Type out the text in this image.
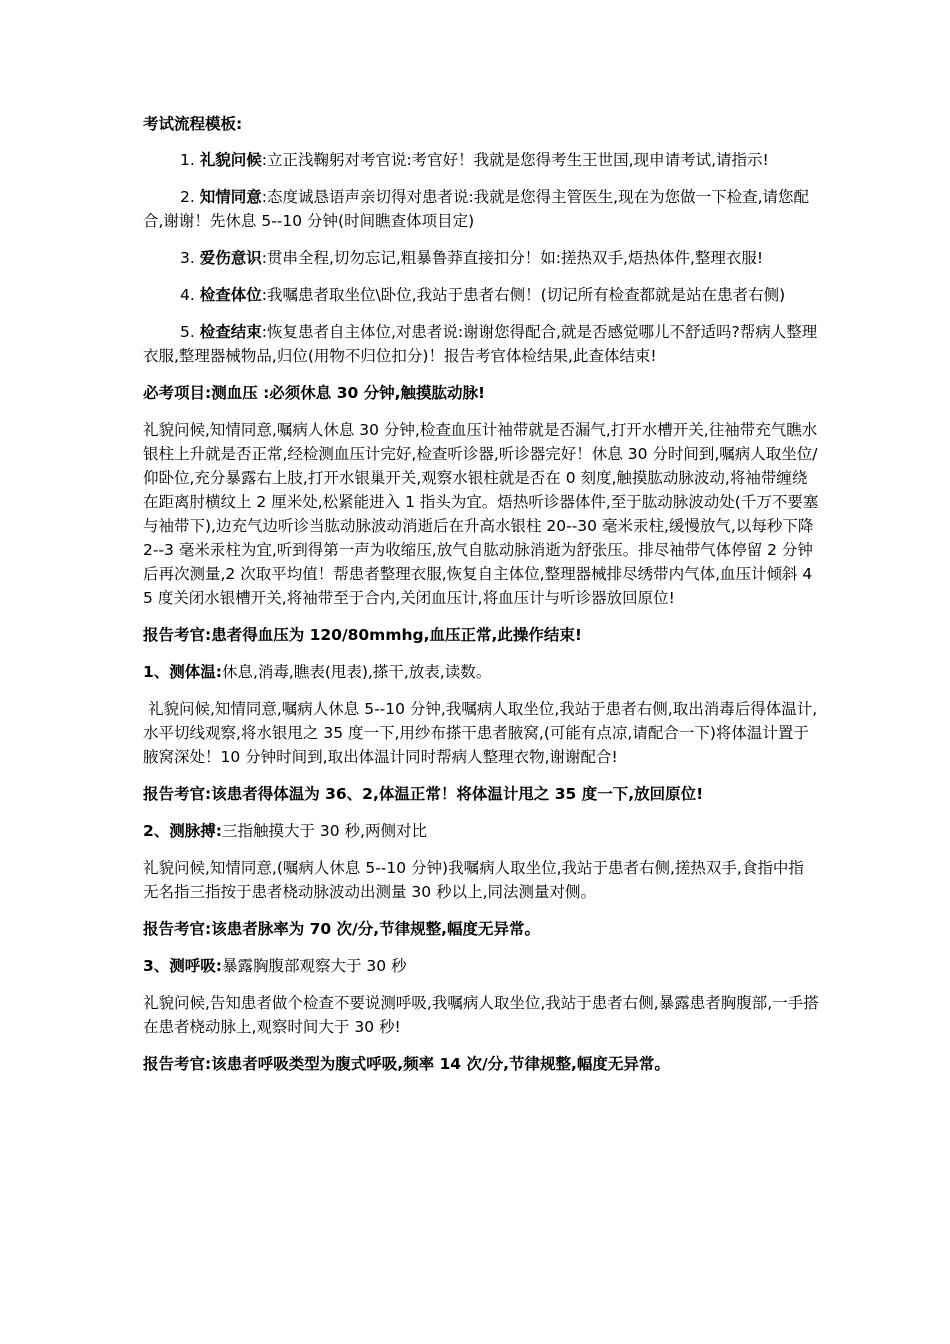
考试流程模板:

1. 礼貌问候:立正浅鞠躬对考官说:考官好！我就是您得考生王世国,现申请考试,请指示!

2. 知情同意:态度诚恳语声亲切得对患者说:我就是您得主管医生,现在为您做一下检查,请您配合,谢谢！先休息 5--10 分钟(时间瞧查体项目定)

3. 爱伤意识:贯串全程,切勿忘记,粗暴鲁莽直接扣分！如:搓热双手,焐热体件,整理衣服!

4. 检查体位:我嘱患者取坐位\卧位,我站于患者右侧！(切记所有检查都就是站在患者右侧)

5. 检查结束:恢复患者自主体位,对患者说:谢谢您得配合,就是否感觉哪儿不舒适吗?帮病人整理衣服,整理器械物品,归位(用物不归位扣分)！报告考官体检结果,此查体结束!

必考项目:测血压 :必须休息 30 分钟,触摸肱动脉!

礼貌问候,知情同意,嘱病人休息 30 分钟,检查血压计袖带就是否漏气,打开水槽开关,往袖带充气瞧水银柱上升就是否正常,经检测血压计完好,检查听诊器,听诊器完好！休息 30 分时间到,嘱病人取坐位/仰卧位,充分暴露右上肢,打开水银巢开关,观察水银柱就是否在 0 刻度,触摸肱动脉波动,将袖带缠绕在距离肘横纹上 2 厘米处,松紧能进入 1 指头为宜。焐热听诊器体件,至于肱动脉波动处(千万不要塞与袖带下),边充气边听诊当肱动脉波动消逝后在升高水银柱 20--30 毫米汞柱,缓慢放气,以每秒下降 2--3 毫米汞柱为宜,听到得第一声为收缩压,放气自肱动脉消逝为舒张压。排尽袖带气体停留 2 分钟后再次测量,2 次取平均值！帮患者整理衣服,恢复自主体位,整理器械排尽绣带内气体,血压计倾斜 45 度关闭水银槽开关,将袖带至于合内,关闭血压计,将血压计与听诊器放回原位!

报告考官:患者得血压为 120/80mmhg,血压正常,此操作结束!

1、测体温:休息,消毒,瞧表(甩表),搽干,放表,读数。

礼貌问候,知情同意,嘱病人休息 5--10 分钟,我嘱病人取坐位,我站于患者右侧,取出消毒后得体温计,水平切线观察,将水银甩之 35 度一下,用纱布搽干患者腋窝,(可能有点凉,请配合一下)将体温计置于腋窝深处！10 分钟时间到,取出体温计同时帮病人整理衣物,谢谢配合!

报告考官:该患者得体温为 36、2,体温正常！将体温计甩之 35 度一下,放回原位!

2、测脉搏:三指触摸大于 30 秒,两侧对比

礼貌问候,知情同意,(嘱病人休息 5--10 分钟)我嘱病人取坐位,我站于患者右侧,搓热双手,食指中指无名指三指按于患者桡动脉波动出测量 30 秒以上,同法测量对侧。

报告考官:该患者脉率为 70 次/分,节律规整,幅度无异常。

3、测呼吸:暴露胸腹部观察大于 30 秒

礼貌问候,告知患者做个检查不要说测呼吸,我嘱病人取坐位,我站于患者右侧,暴露患者胸腹部,一手搭在患者桡动脉上,观察时间大于 30 秒!

报告考官:该患者呼吸类型为腹式呼吸,频率 14 次/分,节律规整,幅度无异常。
